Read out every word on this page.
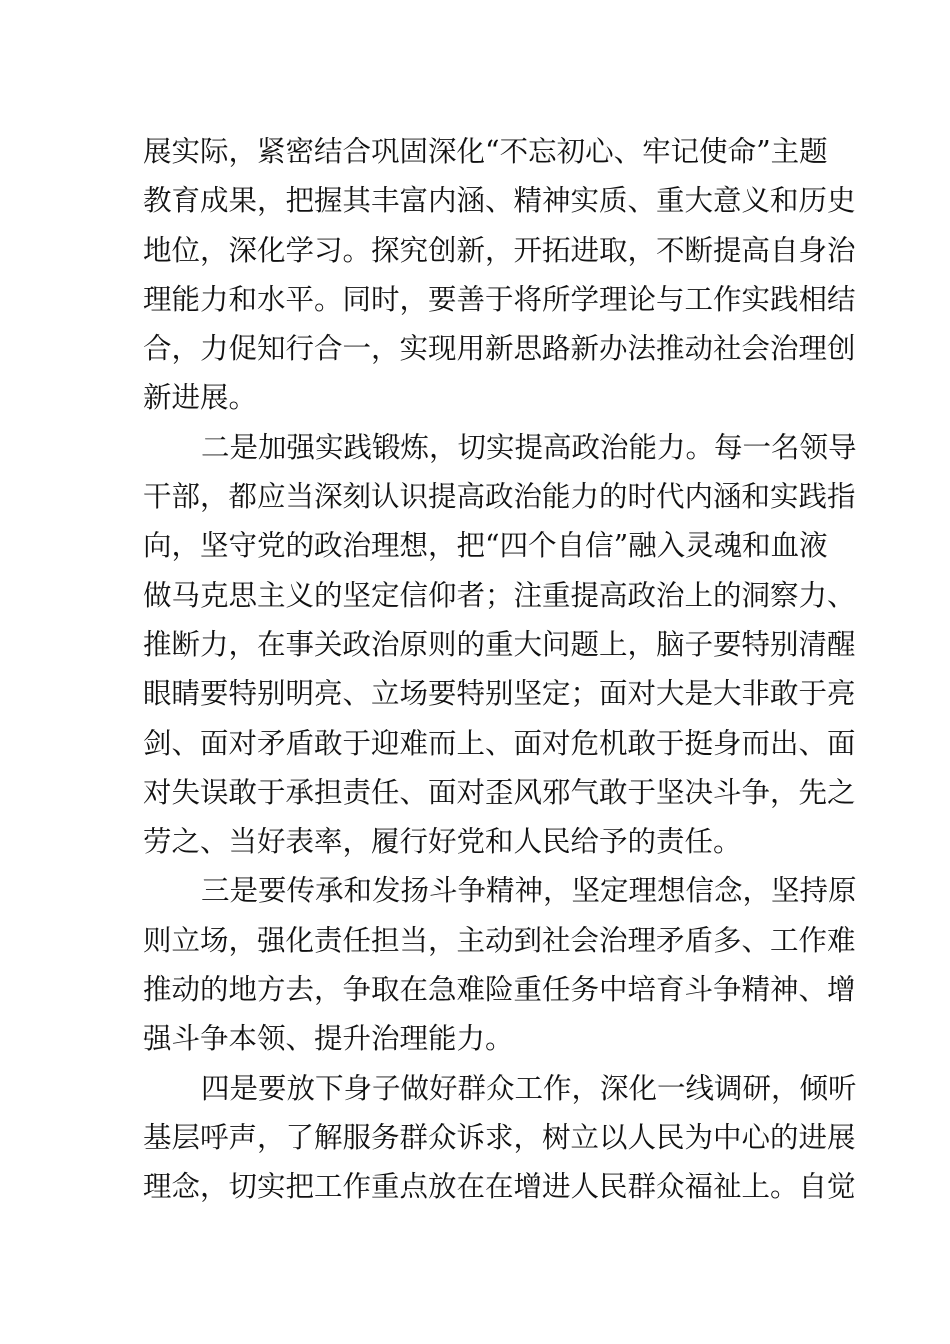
展实际，紧密结合巩固深化“不忘初心、牢记使命”主题
教育成果，把握其丰富内涵、精神实质、重大意义和历史
地位，深化学习。探究创新，开拓进取，不断提高自身治
理能力和水平。同时，要善于将所学理论与工作实践相结
合，力促知行合一，实现用新思路新办法推动社会治理创
新进展。
二是加强实践锻炼，切实提高政治能力。每一名领导
干部，都应当深刻认识提高政治能力的时代内涵和实践指
向，坚守党的政治理想，把“四个自信”融入灵魂和血液
做马克思主义的坚定信仰者；注重提高政治上的洞察力、
推断力，在事关政治原则的重大问题上，脑子要特别清醒
眼睛要特别明亮、立场要特别坚定；面对大是大非敢于亮
剑、面对矛盾敢于迎难而上、面对危机敢于挺身而出、面
对失误敢于承担责任、面对歪风邪气敢于坚决斗争，先之
劳之、当好表率，履行好党和人民给予的责任。
三是要传承和发扬斗争精神，坚定理想信念，坚持原
则立场，强化责任担当，主动到社会治理矛盾多、工作难
推动的地方去，争取在急难险重任务中培育斗争精神、增
强斗争本领、提升治理能力。
四是要放下身子做好群众工作，深化一线调研，倾听
基层呼声，了解服务群众诉求，树立以人民为中心的进展
理念，切实把工作重点放在在增进人民群众福祉上。自觉
